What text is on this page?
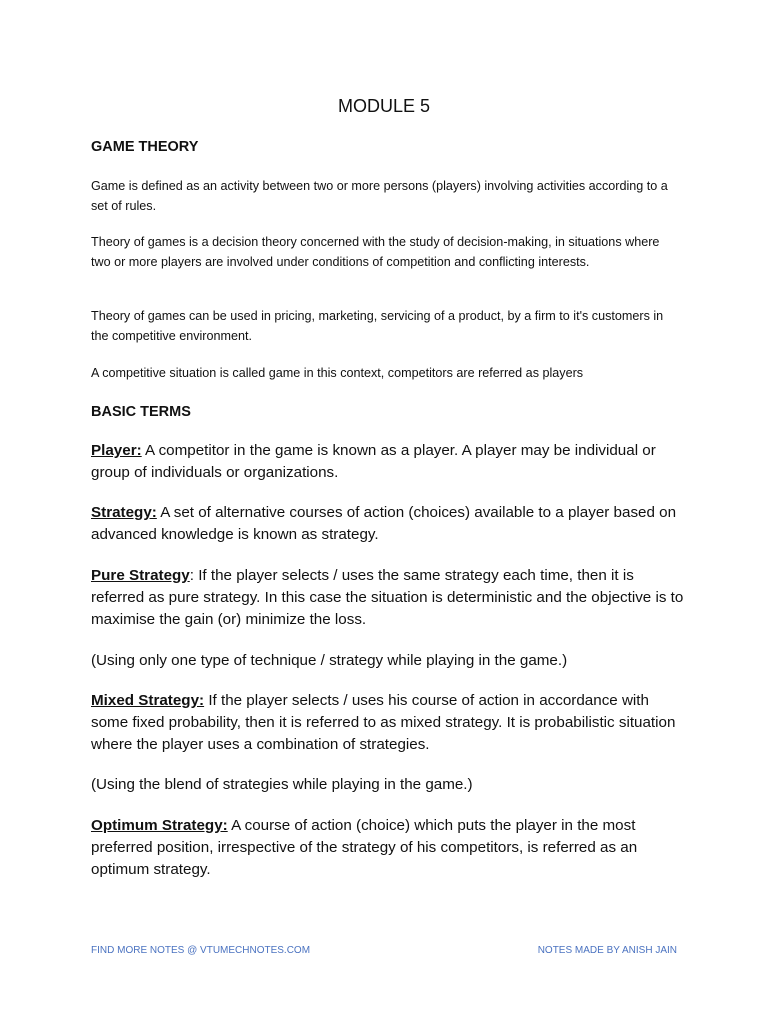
MODULE 5
GAME THEORY

Game is defined as an activity between two or more persons (players) involving activities according to a set of rules.

Theory of games is a decision theory concerned with the study of decision-making, in situations where two or more players are involved under conditions of competition and conflicting interests.

Theory of games can be used in pricing, marketing, servicing of a product, by a firm to it's customers in the competitive environment.

A competitive situation is called game in this context, competitors are referred as players

BASIC TERMS

Player: A competitor in the game is known as a player. A player may be individual or group of individuals or organizations.

Strategy: A set of alternative courses of action (choices) available to a player based on advanced knowledge is known as strategy.

Pure Strategy: If the player selects / uses the same strategy each time, then it is referred as pure strategy. In this case the situation is deterministic and the objective is to maximise the gain (or) minimize the loss.

(Using only one type of technique / strategy while playing in the game.)

Mixed Strategy: If the player selects / uses his course of action in accordance with some fixed probability, then it is referred to as mixed strategy. It is probabilistic situation where the player uses a combination of strategies.

(Using the blend of strategies while playing in the game.)

Optimum Strategy: A course of action (choice) which puts the player in the most preferred position, irrespective of the strategy of his competitors, is referred as an optimum strategy.

FIND MORE NOTES @ VTUMECHNOTES.COM	NOTES MADE BY ANISH JAIN
